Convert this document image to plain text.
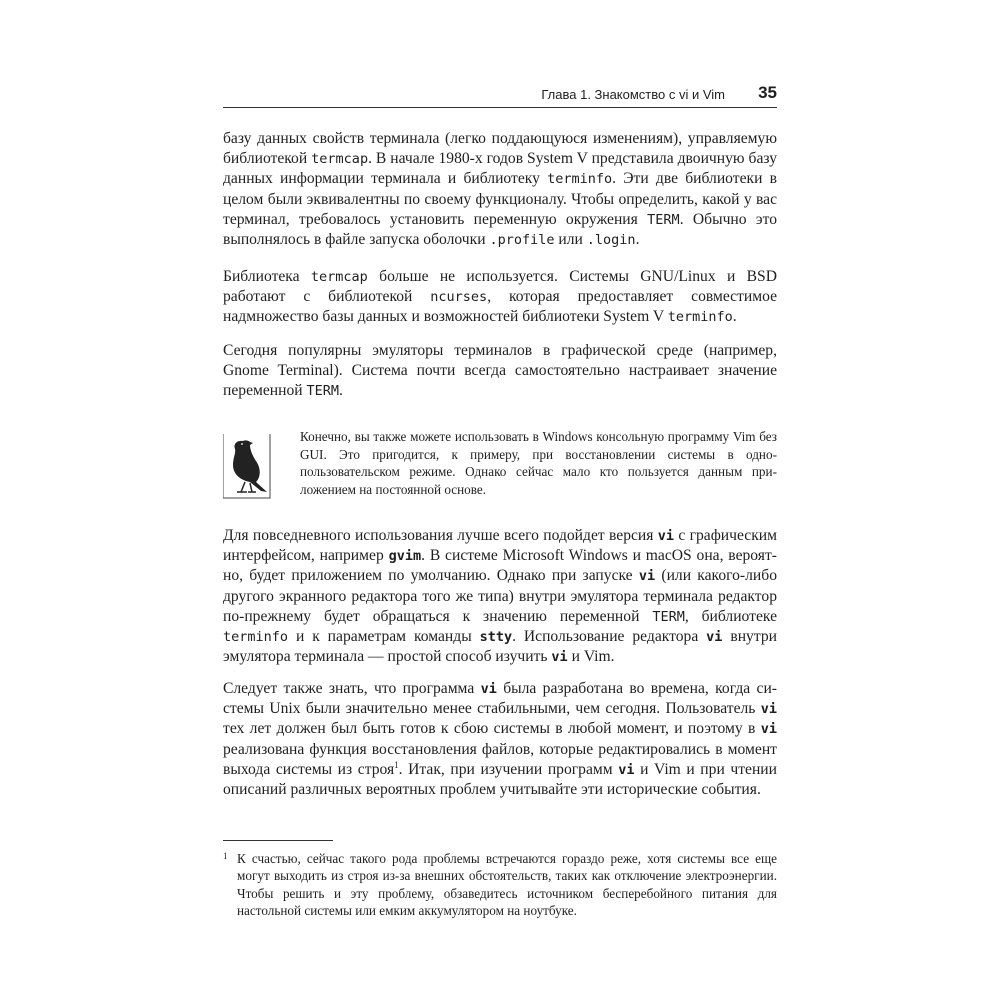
Глава 1. Знакомство с vi и Vim 35
базу данных свойств терминала (легко поддающуюся изменениям), управляемую библиотекой termcap. В начале 1980-х годов System V представила двоичную базу данных информации терминала и библиотеку terminfo. Эти две библиотеки в целом были эквивалентны по своему функционалу. Чтобы определить, какой у вас терминал, требовалось установить переменную окружения TERM. Обычно это выполнялось в файле запуска оболочки .profile или .login.
Библиотека termcap больше не используется. Системы GNU/Linux и BSD работают с библиотекой ncurses, которая предоставляет совместимое надмножество базы данных и возможностей библиотеки System V terminfo.
Сегодня популярны эмуляторы терминалов в графической среде (например, Gnome Terminal). Система почти всегда самостоятельно настраивает значение переменной TERM.
Конечно, вы также можете использовать в Windows консольную программу Vim без GUI. Это пригодится, к примеру, при восстановлении системы в однопользовательском режиме. Однако сейчас мало кто пользуется данным приложением на постоянной основе.
Для повседневного использования лучше всего подойдет версия vi с графическим интерфейсом, например gvim. В системе Microsoft Windows и macOS она, вероятно, будет приложением по умолчанию. Однако при запуске vi (или какого-либо другого экранного редактора того же типа) внутри эмулятора терминала редактор по-прежнему будет обращаться к значению переменной TERM, библиотеке terminfo и к параметрам команды stty. Использование редактора vi внутри эмулятора терминала — простой способ изучить vi и Vim.
Следует также знать, что программа vi была разработана во времена, когда системы Unix были значительно менее стабильными, чем сегодня. Пользователь vi тех лет должен был быть готов к сбою системы в любой момент, и поэтому в vi реализована функция восстановления файлов, которые редактировались в момент выхода системы из строя$^1$. Итак, при изучении программ vi и Vim и при чтении описаний различных вероятных проблем учитывайте эти исторические события.
1 К счастью, сейчас такого рода проблемы встречаются гораздо реже, хотя системы все еще могут выходить из строя из-за внешних обстоятельств, таких как отключение электроэнергии. Чтобы решить и эту проблему, обзаведитесь источником бесперебойного питания для настольной системы или емким аккумулятором на ноутбуке.
